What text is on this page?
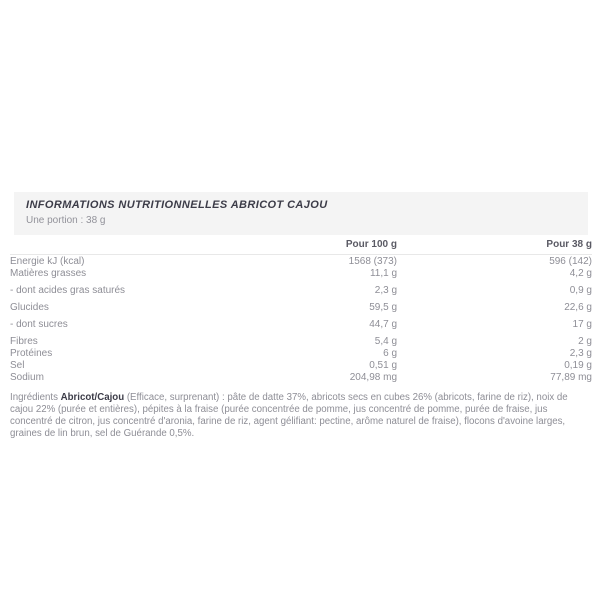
INFORMATIONS NUTRITIONNELLES ABRICOT CAJOU
Une portion : 38 g
	Pour 100 g	Pour 38 g
Energie kJ (kcal)	1568 (373)	596 (142)
Matières grasses	11,1 g	4,2 g
- dont acides gras saturés	2,3 g	0,9 g
Glucides	59,5 g	22,6 g
- dont sucres	44,7 g	17 g
Fibres	5,4 g	2 g
Protéines	6 g	2,3 g
Sel	0,51 g	0,19 g
Sodium	204,98 mg	77,89 mg

Ingrédients Abricot/Cajou (Efficace, surprenant) : pâte de datte 37%, abricots secs en cubes 26% (abricots, farine de riz), noix de cajou 22% (purée et entières), pépites à la fraise (purée concentrée de pomme, jus concentré de pomme, purée de fraise, jus concentré de citron, jus concentré d'aronia, farine de riz, agent gélifiant: pectine, arôme naturel de fraise), flocons d'avoine larges, graines de lin brun, sel de Guérande 0,5%.
